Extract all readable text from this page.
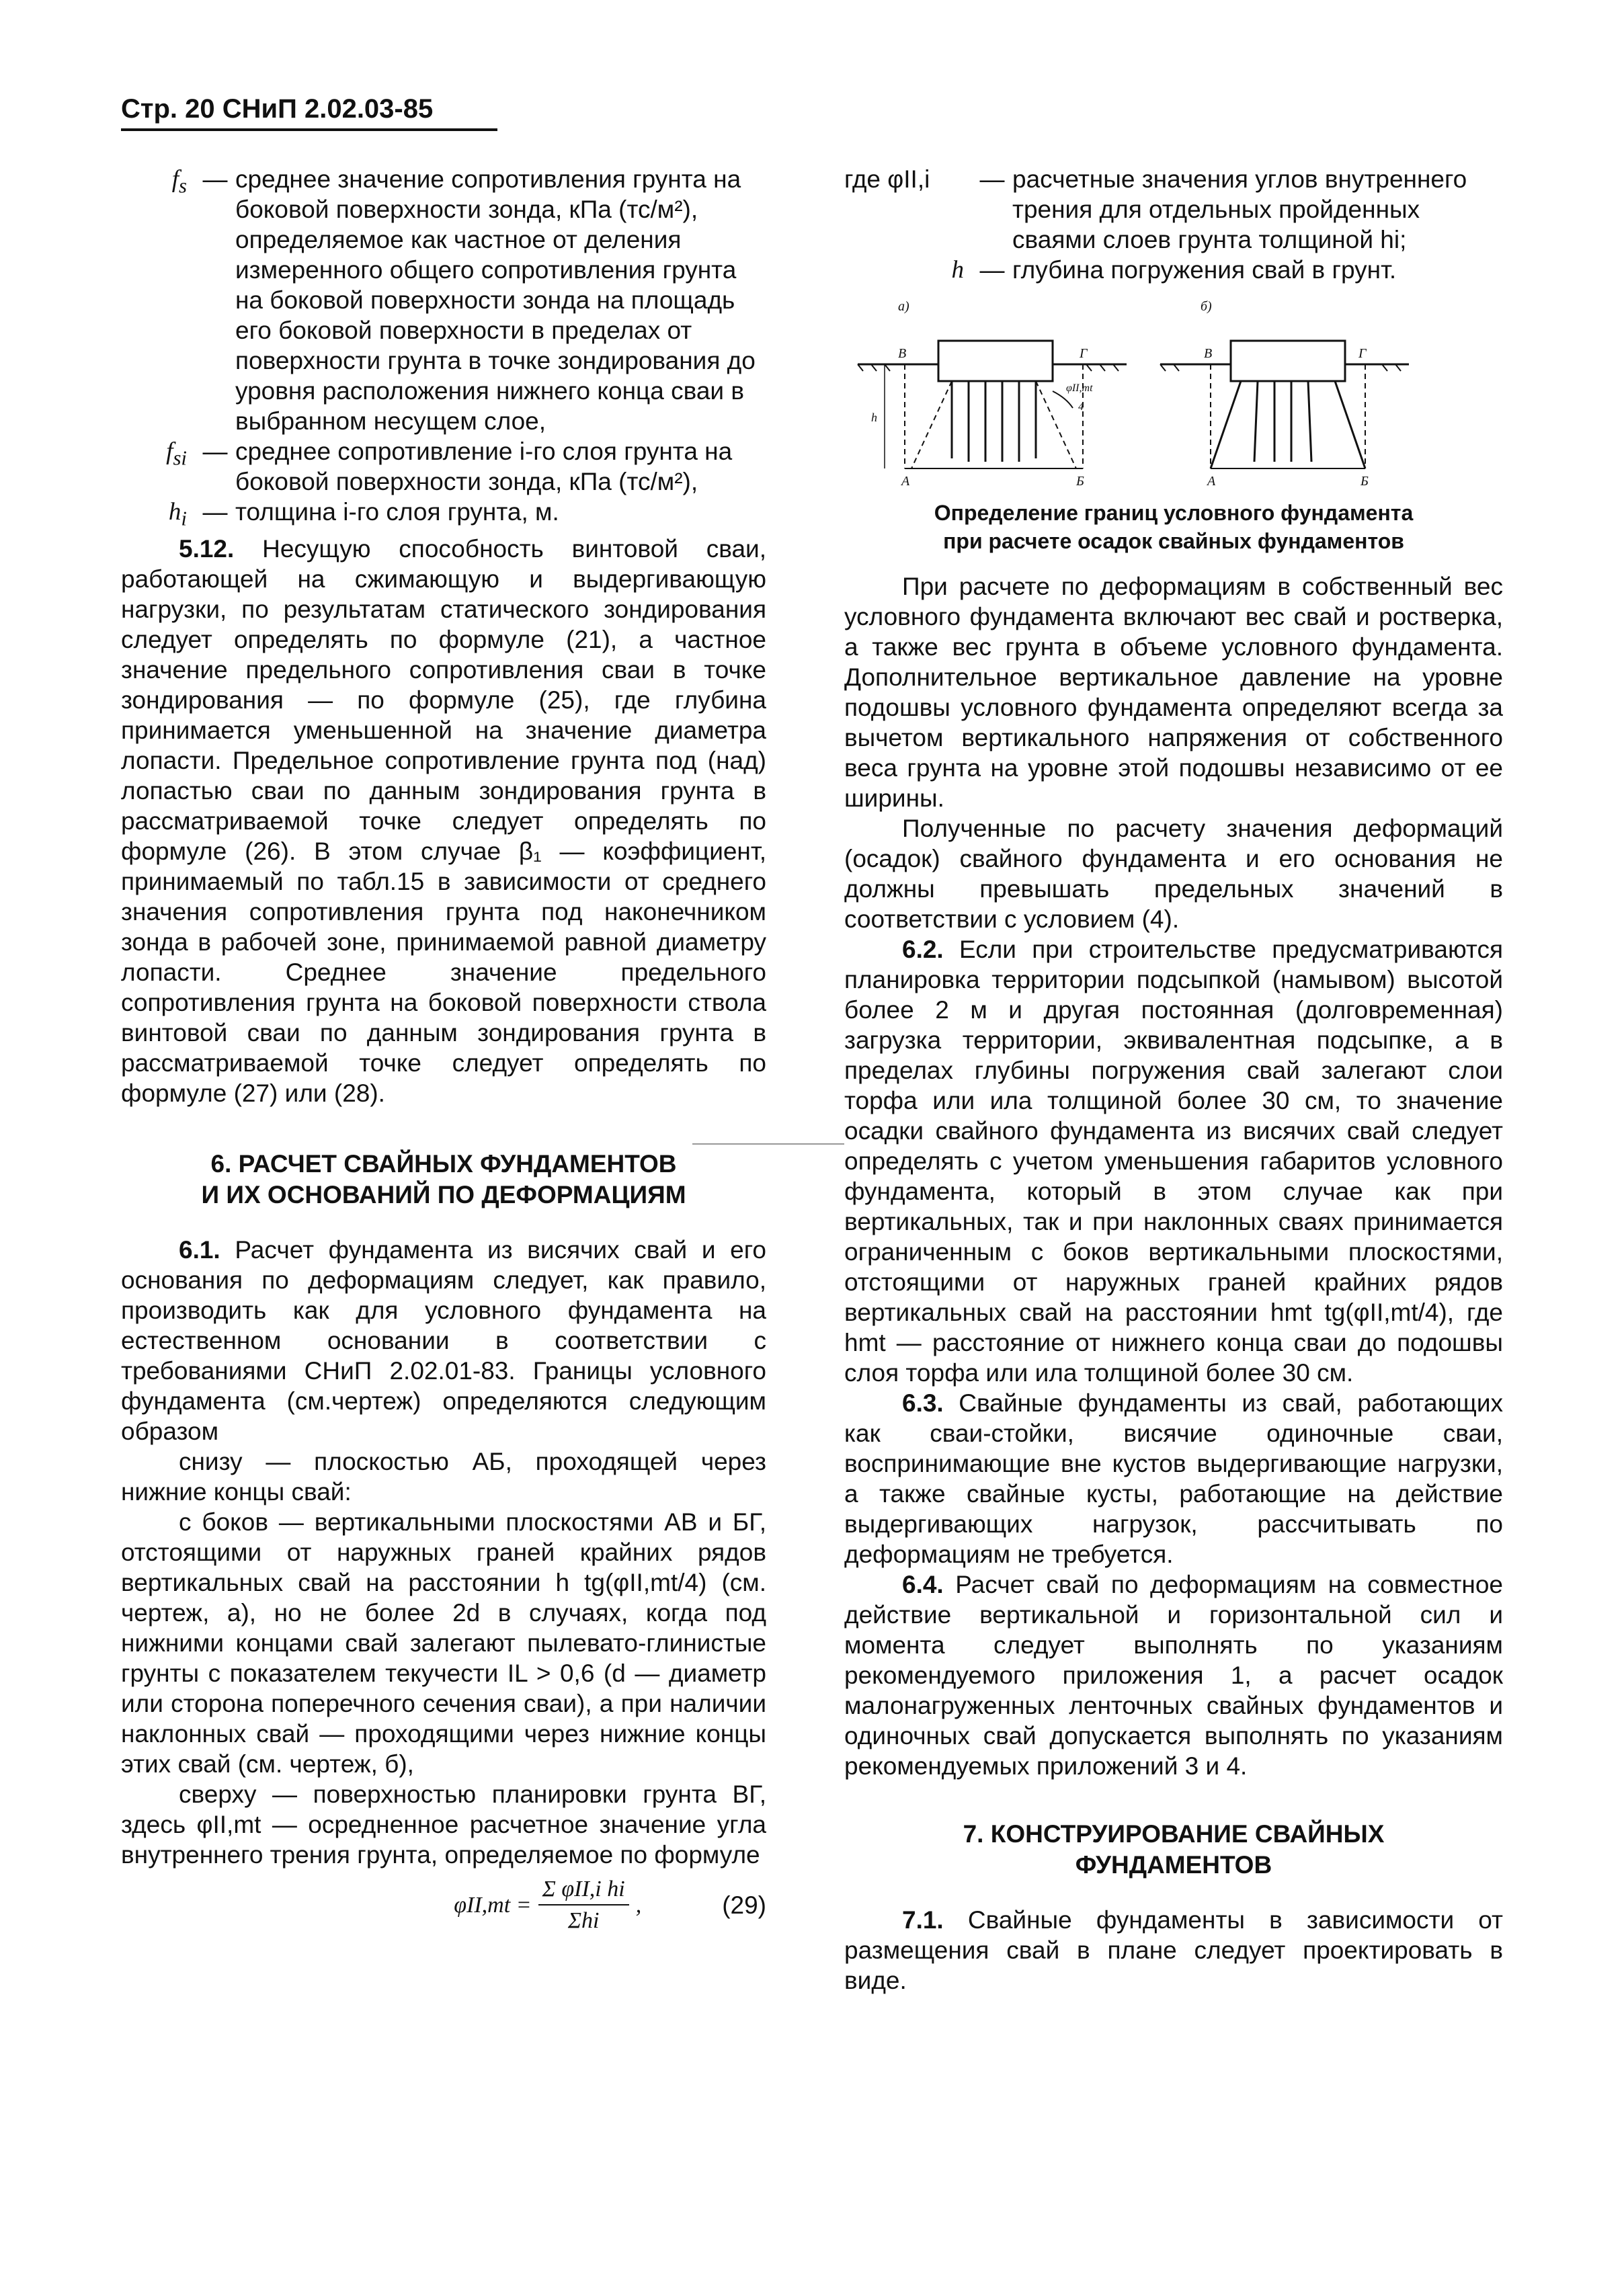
Стр. 20 СНиП 2.02.03-85
$f_s$ — среднее значение сопротивления грунта на боковой поверхности зонда, кПа (тс/м²), определяемое как частное от деления измеренного общего сопротивления грунта на боковой поверхности зонда на площадь его боковой поверхности в пределах от поверхности грунта в точке зондирования до уровня расположения нижнего конца сваи в выбранном несущем слое,
$f_{si}$ — среднее сопротивление i-го слоя грунта на боковой поверхности зонда, кПа (тс/м²),
$h_i$ — толщина i-го слоя грунта, м.

5.12. Несущую способность винтовой сваи, работающей на сжимающую и выдергивающую нагрузки, по результатам статического зондирования следует определять по формуле (21), а частное значение предельного сопротивления сваи в точке зондирования — по формуле (25), где глубина принимается уменьшенной на значение диаметра лопасти. Предельное сопротивление грунта под (над) лопастью сваи по данным зондирования грунта в рассматриваемой точке следует определять по формуле (26). В этом случае β₁ — коэффициент, принимаемый по табл.15 в зависимости от среднего значения сопротивления грунта под наконечником зонда в рабочей зоне, принимаемой равной диаметру лопасти. Среднее значение предельного сопротивления грунта на боковой поверхности ствола винтовой сваи по данным зондирования грунта в рассматриваемой точке следует определять по формуле (27) или (28).

6. РАСЧЕТ СВАЙНЫХ ФУНДАМЕНТОВ
И ИХ ОСНОВАНИЙ ПО ДЕФОРМАЦИЯМ

6.1. Расчет фундамента из висячих свай и его основания по деформациям следует, как правило, производить как для условного фундамента на естественном основании в соответствии с требованиями СНиП 2.02.01-83. Границы условного фундамента (см.чертеж) определяются следующим образом

снизу — плоскостью АБ, проходящей через нижние концы свай:

с боков — вертикальными плоскостями АВ и БГ, отстоящими от наружных граней крайних рядов вертикальных свай на расстоянии h tg(φII,mt/4) (см. чертеж, а), но не более 2d в случаях, когда под нижними концами свай залегают пылевато-глинистые грунты с показателем текучести IL > 0,6 (d — диаметр или сторона поперечного сечения сваи), а при наличии наклонных свай — проходящими через нижние концы этих свай (см. чертеж, б),

сверху — поверхностью планировки грунта ВГ, здесь φII,mt — осредненное расчетное значение угла внутреннего трения грунта, определяемое по формуле

$\varphi II,mt = \frac{\text{Σ φII,i hi}}{\text{Σhi}}$ ,	(29)
где φII,i	— расчетные значения углов внутреннего трения для отдельных пройденных сваями слоев грунта толщиной hi;
h — глубина погружения свай в грунт.
а)	б)
В	Г
А	Б
h
φII,mt
4
В	Г
А	Б
Определение границ условного фундамента
при расчете осадок свайных фундаментов

При расчете по деформациям в собственный вес условного фундамента включают вес свай и ростверка, а также вес грунта в объеме условного фундамента. Дополнительное вертикальное давление на уровне подошвы условного фундамента определяют всегда за вычетом вертикального напряжения от собственного веса грунта на уровне этой подошвы независимо от ее ширины.

Полученные по расчету значения деформаций (осадок) свайного фундамента и его основания не должны превышать предельных значений в соответствии с условием (4).

6.2. Если при строительстве предусматриваются планировка территории подсыпкой (намывом) высотой более 2 м и другая постоянная (долговременная) загрузка территории, эквивалентная подсыпке, а в пределах глубины погружения свай залегают слои торфа или ила толщиной более 30 см, то значение осадки свайного фундамента из висячих свай следует определять с учетом уменьшения габаритов условного фундамента, который в этом случае как при вертикальных, так и при наклонных сваях принимается ограниченным с боков вертикальными плоскостями, отстоящими от наружных граней крайних рядов вертикальных свай на расстоянии hmt tg(φII,mt/4), где hmt — расстояние от нижнего конца сваи до подошвы слоя торфа или ила толщиной более 30 см.

6.3. Свайные фундаменты из свай, работающих как сваи-стойки, висячие одиночные сваи, воспринимающие вне кустов выдергивающие нагрузки, а также свайные кусты, работающие на действие выдергивающих нагрузок, рассчитывать по деформациям не требуется.

6.4. Расчет свай по деформациям на совместное действие вертикальной и горизонтальной сил и момента следует выполнять по указаниям рекомендуемого приложения 1, а расчет осадок малонагруженных ленточных свайных фундаментов и одиночных свай допускается выполнять по указаниям рекомендуемых приложений 3 и 4.

7. КОНСТРУИРОВАНИЕ СВАЙНЫХ
ФУНДАМЕНТОВ

7.1. Свайные фундаменты в зависимости от размещения свай в плане следует проектировать в виде.
